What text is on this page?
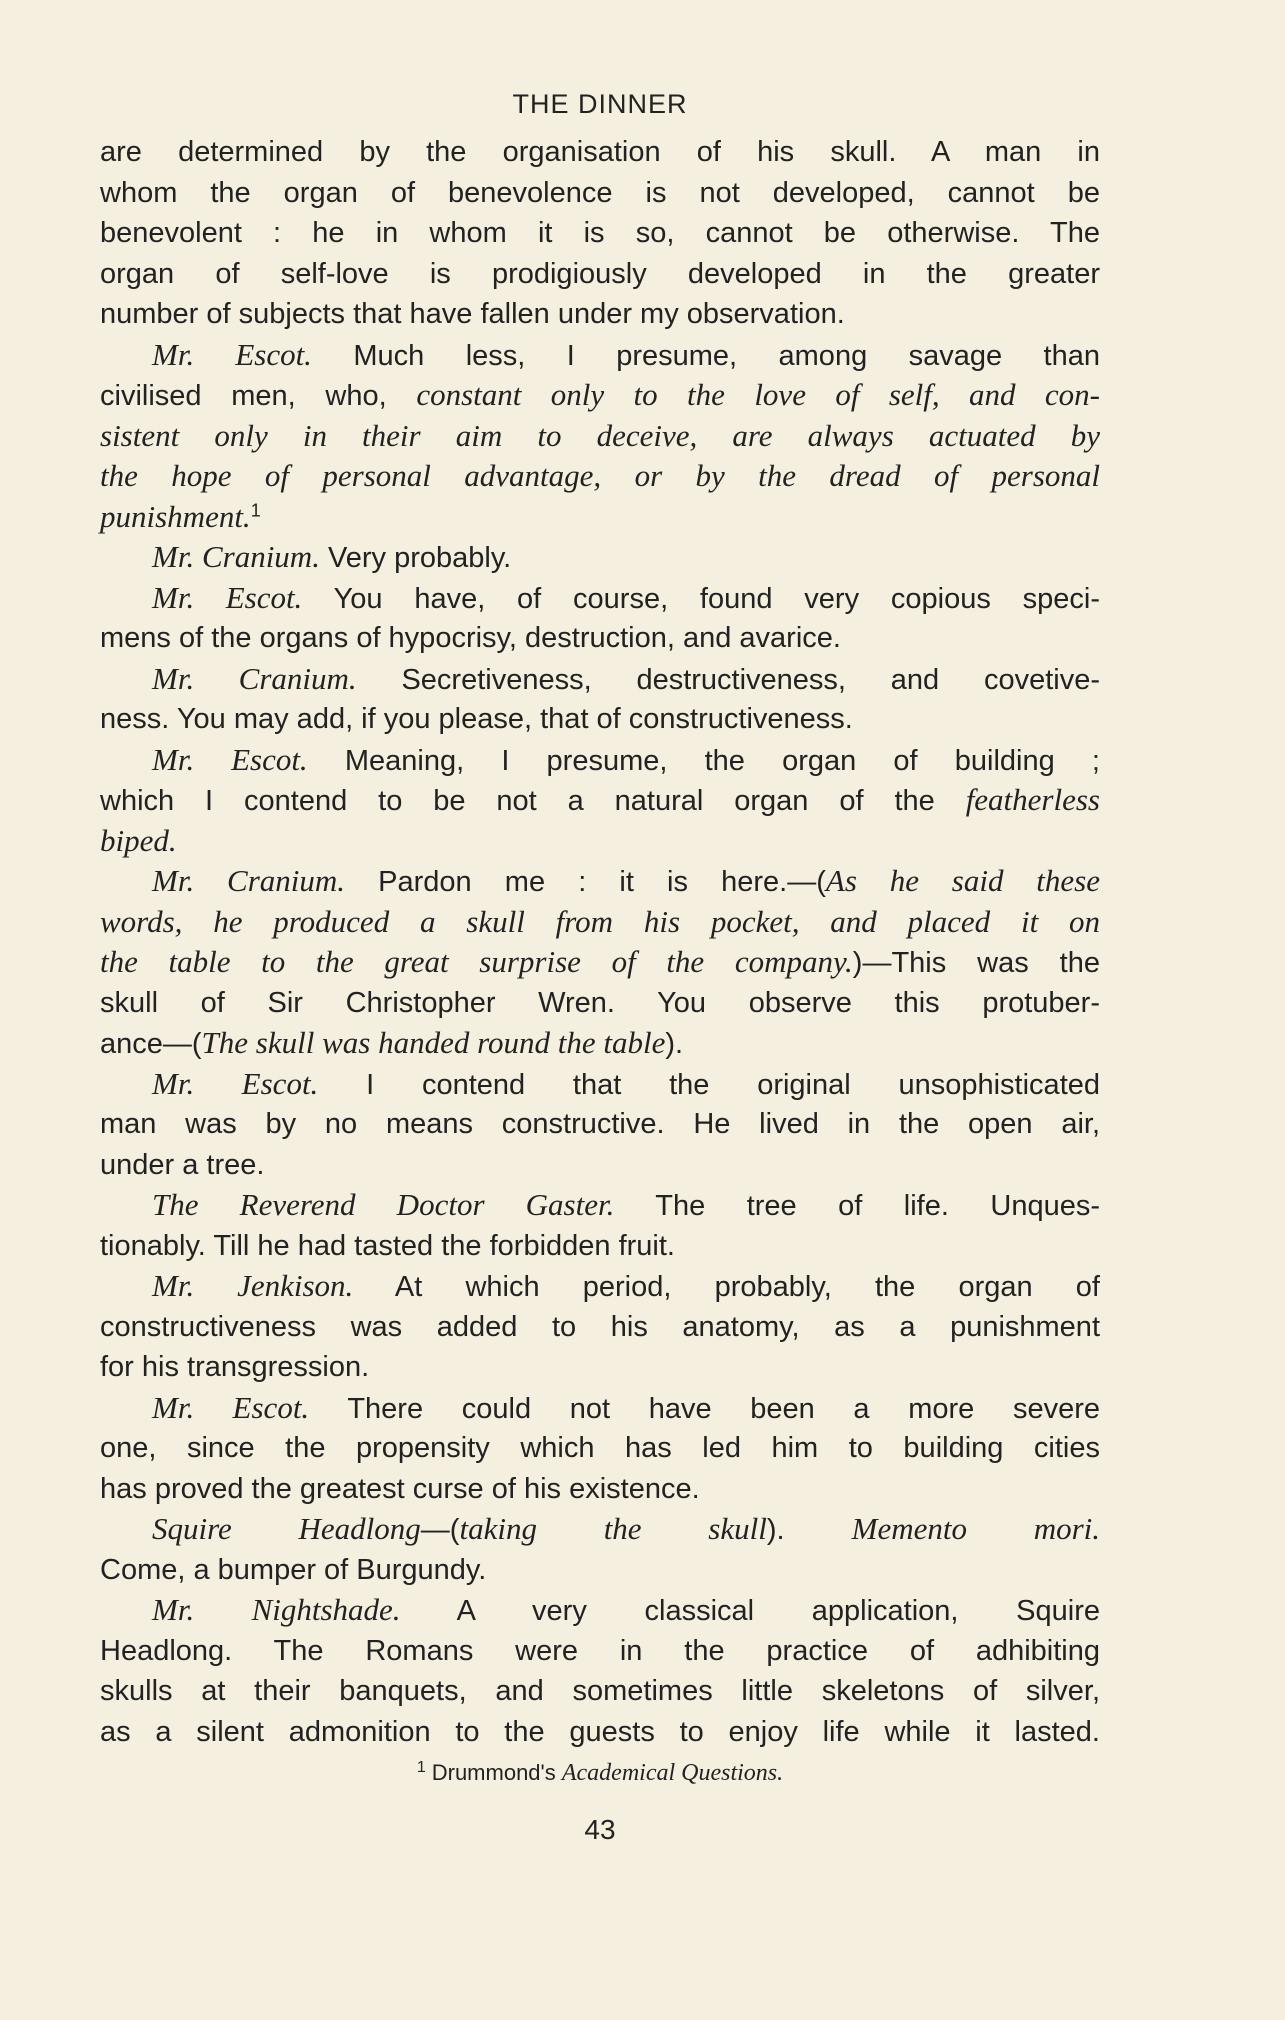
THE DINNER
are determined by the organisation of his skull. A man in
whom the organ of benevolence is not developed, cannot be
benevolent : he in whom it is so, cannot be otherwise. The
organ of self-love is prodigiously developed in the greater
number of subjects that have fallen under my observation.
Mr. Escot. Much less, I presume, among savage than
civilised men, who, constant only to the love of self, and con-
sistent only in their aim to deceive, are always actuated by
the hope of personal advantage, or by the dread of personal
punishment.$^1$
Mr. Cranium. Very probably.
Mr. Escot. You have, of course, found very copious speci-
mens of the organs of hypocrisy, destruction, and avarice.
Mr. Cranium. Secretiveness, destructiveness, and covetive-
ness. You may add, if you please, that of constructiveness.
Mr. Escot. Meaning, I presume, the organ of building ;
which I contend to be not a natural organ of the featherless
biped.
Mr. Cranium. Pardon me : it is here.—(As he said these
words, he produced a skull from his pocket, and placed it on
the table to the great surprise of the company.)—This was the
skull of Sir Christopher Wren. You observe this protuber-
ance—(The skull was handed round the table).
Mr. Escot. I contend that the original unsophisticated
man was by no means constructive. He lived in the open air,
under a tree.
The Reverend Doctor Gaster. The tree of life. Unques-
tionably. Till he had tasted the forbidden fruit.
Mr. Jenkison. At which period, probably, the organ of
constructiveness was added to his anatomy, as a punishment
for his transgression.
Mr. Escot. There could not have been a more severe
one, since the propensity which has led him to building cities
has proved the greatest curse of his existence.
Squire Headlong—(taking the skull). Memento mori.
Come, a bumper of Burgundy.
Mr. Nightshade. A very classical application, Squire
Headlong. The Romans were in the practice of adhibiting
skulls at their banquets, and sometimes little skeletons of silver,
as a silent admonition to the guests to enjoy life while it lasted.
$^1$ Drummond's Academical Questions.
43
